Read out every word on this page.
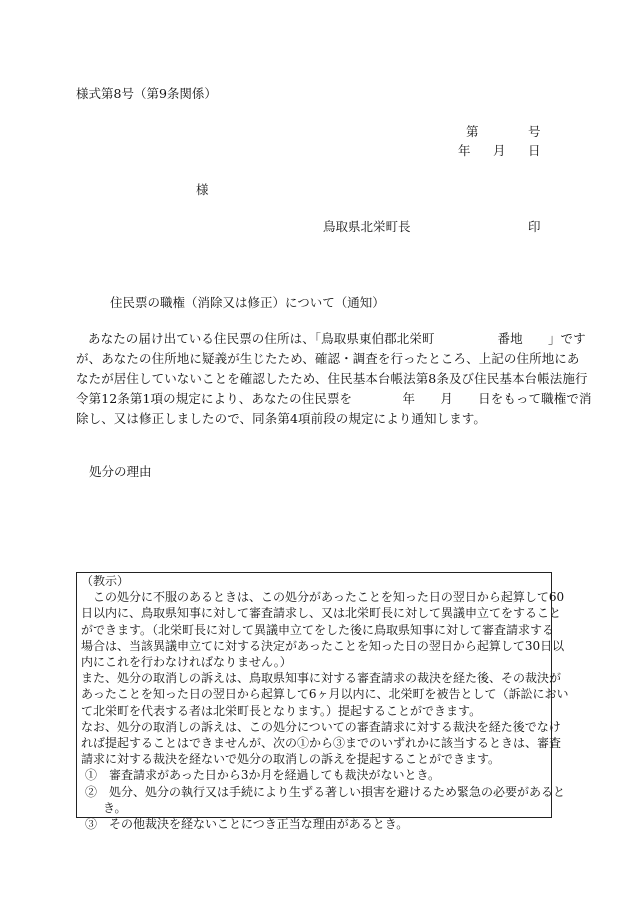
様式第8号（第9条関係）
第	号
年 月 日
様
鳥取県北栄町長	印
住民票の職権（消除又は修正）について（通知）
あなたの届け出ている住民票の住所は、「鳥取県東伯郡北栄町　　　　　番地　　」です
が、あなたの住所地に疑義が生じたため、確認・調査を行ったところ、上記の住所地にあ
なたが居住していないことを確認したため、住民基本台帳法第8条及び住民基本台帳法施行
令第12条第1項の規定により、あなたの住民票を　　　　年　　月　　日をもって職権で消
除し、又は修正しましたので、同条第4項前段の規定により通知します。
処分の理由
（教示）
この処分に不服のあるときは、この処分があったことを知った日の翌日から起算して60
日以内に、鳥取県知事に対して審査請求し、又は北栄町長に対して異議申立てをすること
ができます。（北栄町長に対して異議申立てをした後に鳥取県知事に対して審査請求する
場合は、当該異議申立てに対する決定があったことを知った日の翌日から起算して30日以
内にこれを行わなければなりません。）
また、処分の取消しの訴えは、鳥取県知事に対する審査請求の裁決を経た後、その裁決が
あったことを知った日の翌日から起算して6ヶ月以内に、北栄町を被告として（訴訟におい
て北栄町を代表する者は北栄町長となります。）提起することができます。
なお、処分の取消しの訴えは、この処分についての審査請求に対する裁決を経た後でなけ
れば提起することはできませんが、次の①から③までのいずれかに該当するときは、審査
請求に対する裁決を経ないで処分の取消しの訴えを提起することができます。
①　審査請求があった日から3か月を経過しても裁決がないとき。
②　処分、処分の執行又は手続により生ずる著しい損害を避けるため緊急の必要があると
き。
③　その他裁決を経ないことにつき正当な理由があるとき。
